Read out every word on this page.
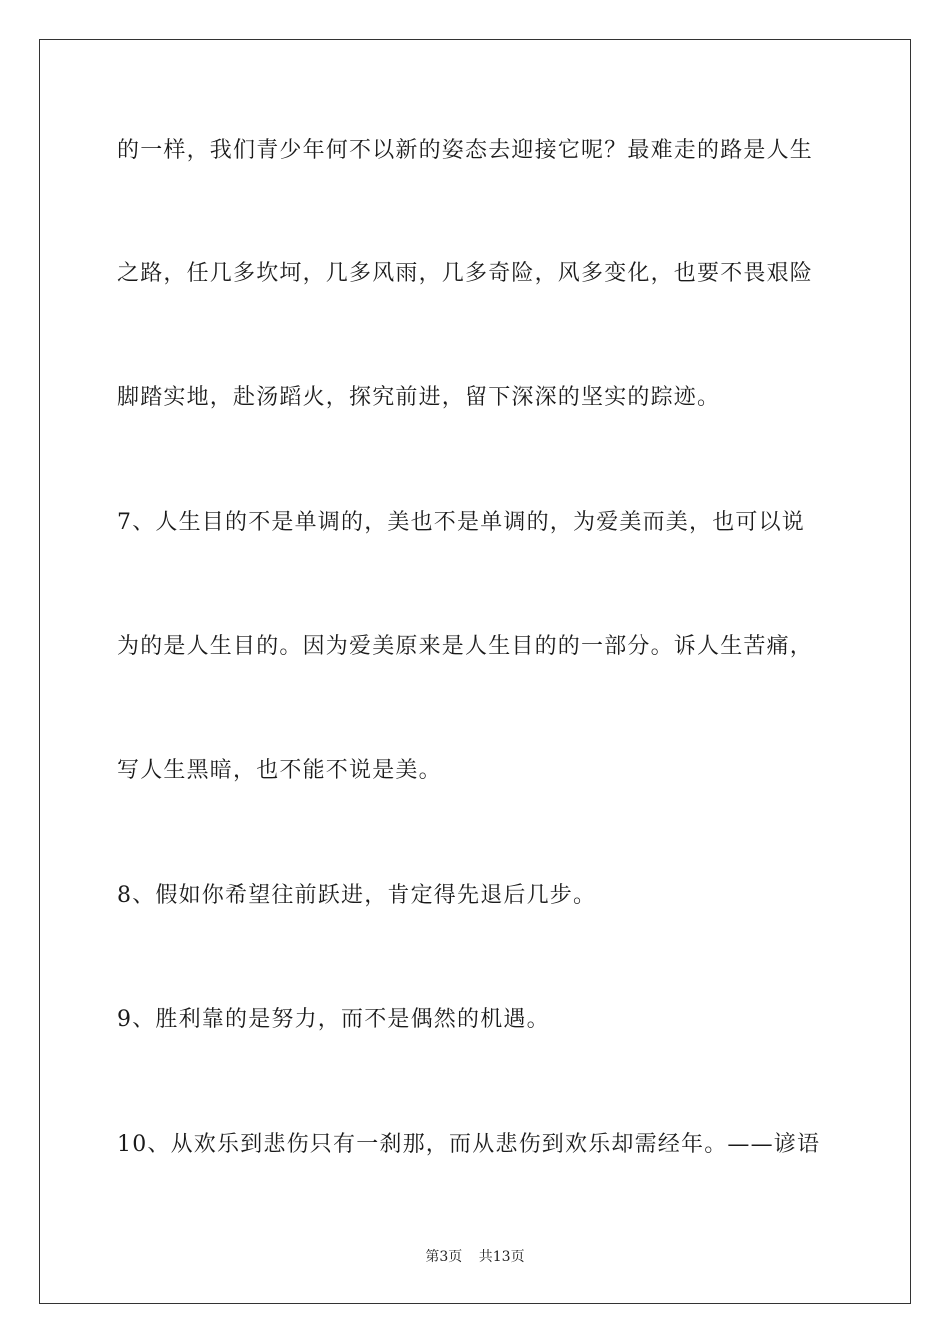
的一样，我们青少年何不以新的姿态去迎接它呢？最难走的路是人生
之路，任几多坎坷，几多风雨，几多奇险，风多变化，也要不畏艰险
脚踏实地，赴汤蹈火，探究前进，留下深深的坚实的踪迹。
7、人生目的不是单调的，美也不是单调的，为爱美而美，也可以说
为的是人生目的。因为爱美原来是人生目的的一部分。诉人生苦痛，
写人生黑暗，也不能不说是美。
8、假如你希望往前跃进，肯定得先退后几步。
9、胜利靠的是努力，而不是偶然的机遇。
10、从欢乐到悲伤只有一刹那，而从悲伤到欢乐却需经年。——谚语
第3页 共13页
